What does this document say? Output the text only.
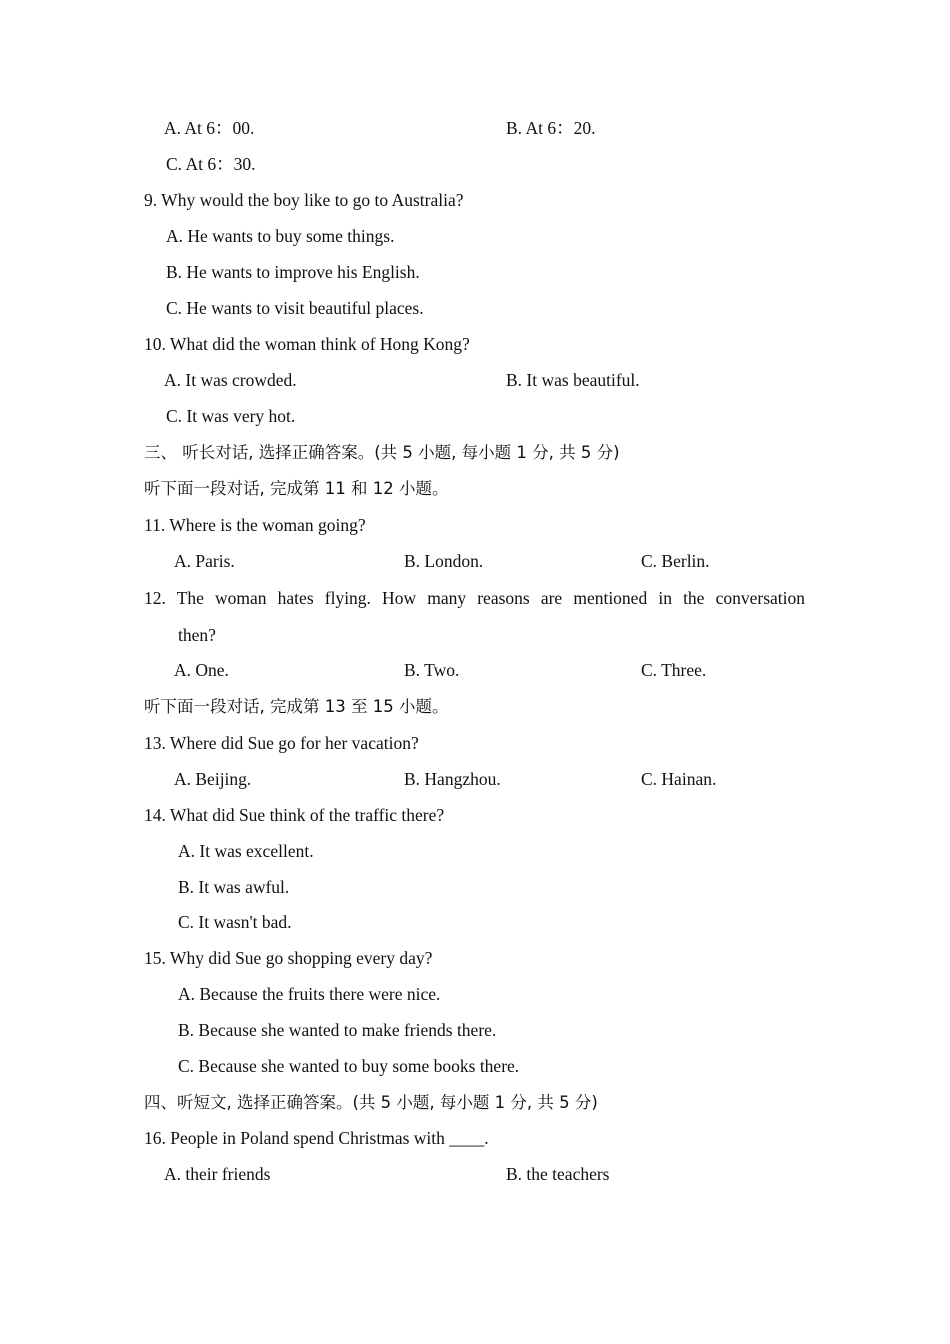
A. At 6：00.	B. At 6：20.
C. At 6：30.
9. Why would the boy like to go to Australia?
A. He wants to buy some things.
B. He wants to improve his English.
C. He wants to visit beautiful places.
10. What did the woman think of Hong Kong?
A. It was crowded.	B. It was beautiful.
C. It was very hot.
三、 听长对话, 选择正确答案。(共 5 小题, 每小题 1 分, 共 5 分)
听下面一段对话, 完成第 11 和 12 小题。
11. Where is the woman going?
A. Paris.	B. London.	C. Berlin.
12. The woman hates flying. How many reasons are mentioned in the conversation
then?
A. One.	B. Two.	C. Three.
听下面一段对话, 完成第 13 至 15 小题。
13. Where did Sue go for her vacation?
A. Beijing.	B. Hangzhou.	C. Hainan.
14. What did Sue think of the traffic there?
A. It was excellent.
B. It was awful.
C. It wasn't bad.
15. Why did Sue go shopping every day?
A. Because the fruits there were nice.
B. Because she wanted to make friends there.
C. Because she wanted to buy some books there.
四、听短文, 选择正确答案。(共 5 小题, 每小题 1 分, 共 5 分)
16. People in Poland spend Christmas with ____.
A. their friends	B. the teachers
